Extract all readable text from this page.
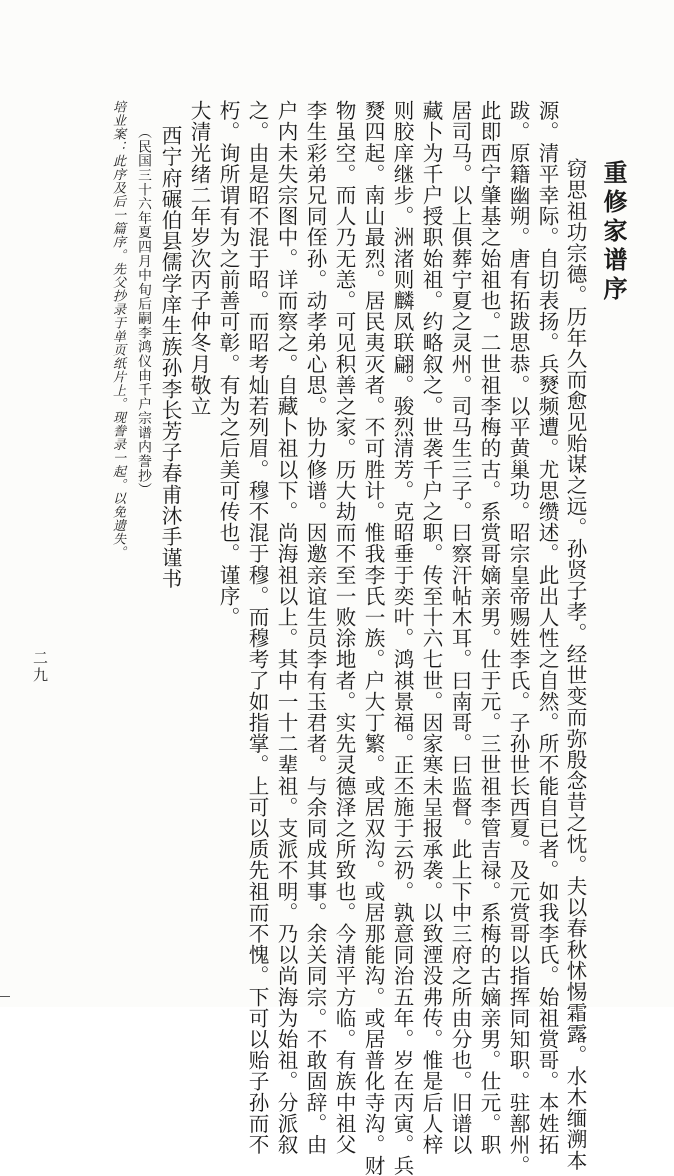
重修家谱序
窃思祖功宗德。历年久而愈见贻谋之远。孙贤子孝。经世变而弥殷念昔之忱。夫以春秋怵惕霜露。水木缅溯本
源。清平幸际。自切表扬。兵燹频遭。尤思缵述。此出人性之自然。所不能自已者。如我李氏。始祖赏哥。本姓拓
跋。原籍幽朔。唐有拓跋思恭。以平黄巢功。昭宗皇帝赐姓李氏。子孙世长西夏。及元赏哥以指挥同知职。驻鄯州。
此即西宁肇基之始祖也。二世祖李梅的古。系赏哥嫡亲男。仕于元。三世祖李管吉禄。系梅的古嫡亲男。仕元。职
居司马。以上俱葬宁夏之灵州。司马生三子。曰察汗帖木耳。曰南哥。曰监督。此上下中三府之所由分也。旧谱以
藏卜为千户授职始祖。约略叙之。世袭千户之职。传至十六七世。因家寒未呈报承袭。以致湮没弗传。惟是后人梓
则胶庠继步。洲渚则麟凤联翩。骏烈清芳。克昭垂于奕叶。鸿祺景福。正丕施于云礽。孰意同治五年。岁在丙寅。兵
燹四起。南山最烈。居民夷灭者。不可胜计。惟我李氏一族。户大丁繁。或居双沟。或居那能沟。或居普化寺沟。财
物虽空。而人乃无恙。可见积善之家。历大劫而不至一败涂地者。实先灵德泽之所致也。今清平方临。有族中祖父
李生彩弟兄同侄孙。动孝弟心思。协力修谱。因邀亲谊生员李有玉君者。与余同成其事。余关同宗。不敢固辞。由
户内未失宗图中。详而察之。自藏卜祖以下。尚海祖以上。其中一十二辈祖。支派不明。乃以尚海为始祖。分派叙
之。由是昭不混于昭。而昭考灿若列眉。穆不混于穆。而穆考了如指掌。上可以质先祖而不愧。下可以贻子孙而不
朽。询所谓有为之前善可彰。有为之后美可传也。谨序。
大清光绪二年岁次丙子仲冬月敬立
西宁府碾伯县儒学庠生族孙李长芳子春甫沐手谨书
（民国三十六年夏四月中旬后嗣李鸿仪由千户宗谱内誊抄）
培业案：此序及后一篇序。先父抄录于单页纸片上。现誊录一起。以免遗失。
二九
